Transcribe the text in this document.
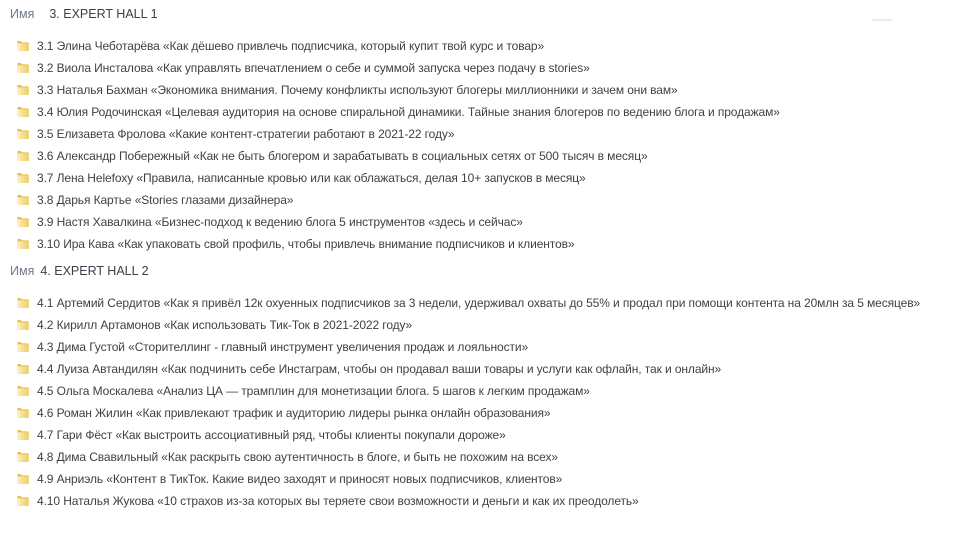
Имя 3. EXPERT HALL 1
3.1 Элина Чеботарёва «Как дёшево привлечь подписчика, который купит твой курс и товар»
3.2 Виола Инсталова «Как управлять впечатлением о себе и суммой запуска через подачу в stories»
3.3 Наталья Бахман «Экономика внимания. Почему конфликты используют блогеры миллионники и зачем они вам»
3.4 Юлия Родочинская «Целевая аудитория на основе спиральной динамики. Тайные знания блогеров по ведению блога и продажам»
3.5 Елизавета Фролова «Какие контент-стратегии работают в 2021-22 году»
3.6 Александр Побережный «Как не быть блогером и зарабатывать в социальных сетях от 500 тысяч в месяц»
3.7 Лена Helefoxy «Правила, написанные кровью или как облажаться, делая 10+ запусков в месяц»
3.8 Дарья Картье «Stories глазами дизайнера»
3.9 Настя Хавалкина «Бизнес-подход к ведению блога 5 инструментов «здесь и сейчас»
3.10 Ира Кава «Как упаковать свой профиль, чтобы привлечь внимание подписчиков и клиентов»
Имя 4. EXPERT HALL 2
4.1 Артемий Сердитов «Как я привёл 12к охуенных подписчиков за 3 недели, удерживал охваты до 55% и продал при помощи контента на 20млн за 5 месяцев»
4.2 Кирилл Артамонов «Как использовать Тик-Ток в 2021-2022 году»
4.3 Дима Густой «Сторителлинг - главный инструмент увеличения продаж и лояльности»
4.4 Луиза Автандилян «Как подчинить себе Инстаграм, чтобы он продавал ваши товары и услуги как офлайн, так и онлайн»
4.5 Ольга Москалева «Анализ ЦА — трамплин для монетизации блога. 5 шагов к легким продажам»
4.6 Роман Жилин «Как привлекают трафик и аудиторию лидеры рынка онлайн образования»
4.7 Гари Фёст «Как выстроить ассоциативный ряд, чтобы клиенты покупали дороже»
4.8 Дима Свавильный «Как раскрыть свою аутентичность в блоге, и быть не похожим на всех»
4.9 Анриэль «Контент в ТикТок. Какие видео заходят и приносят новых подписчиков, клиентов»
4.10 Наталья Жукова «10 страхов из-за которых вы теряете свои возможности и деньги и как их преодолеть»
